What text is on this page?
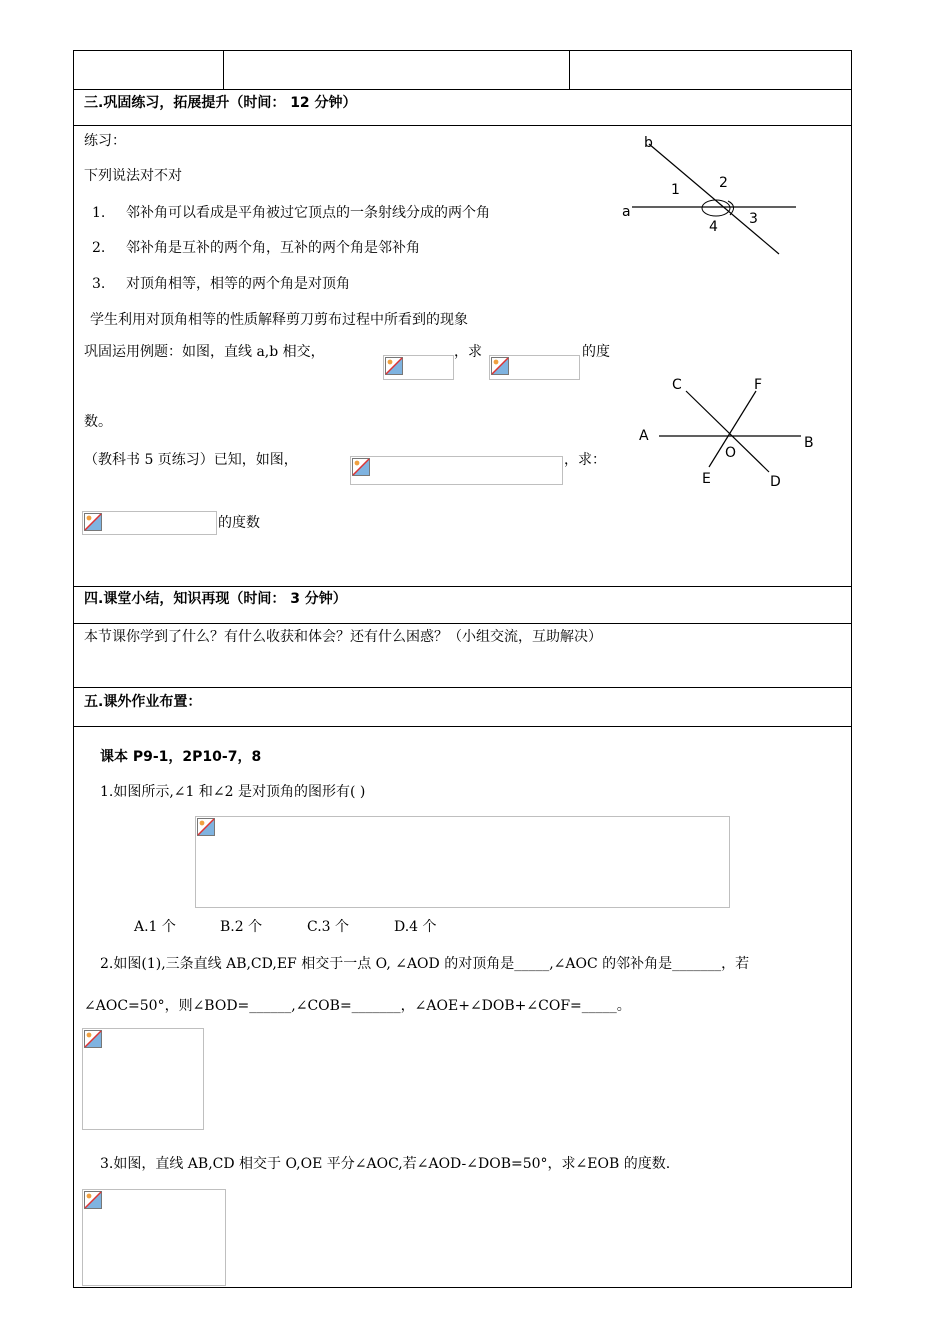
三.巩固练习，拓展提升（时间： 12 分钟）
练习：
下列说法对不对
1. 邻补角可以看成是平角被过它顶点的一条射线分成的两个角
2. 邻补角是互补的两个角，互补的两个角是邻补角
3. 对顶角相等，相等的两个角是对顶角
学生利用对顶角相等的性质解释剪刀剪布过程中所看到的现象
巩固运用例题：如图，直线 a,b 相交，	，求	的度
数。
（教科书 5 页练习）已知，如图，	，求：
的度数
b
a
1	2
3
4
A	B
C
D
E
F
O
四.课堂小结，知识再现（时间： 3 分钟）
本节课你学到了什么？有什么收获和体会？还有什么困惑？（小组交流，互助解决）
五.课外作业布置：
课本 P9-1，2P10-7，8
1.如图所示,∠1 和∠2 是对顶角的图形有( )
A.1 个	B.2 个	C.3 个	D.4 个
2.如图(1),三条直线 AB,CD,EF 相交于一点 O, ∠AOD 的对顶角是_____,∠AOC 的邻补角是_______，若
∠AOC=50°，则∠BOD=______,∠COB=_______，∠AOE+∠DOB+∠COF=_____。
3.如图，直线 AB,CD 相交于 O,OE 平分∠AOC,若∠AOD-∠DOB=50°，求∠EOB 的度数.
